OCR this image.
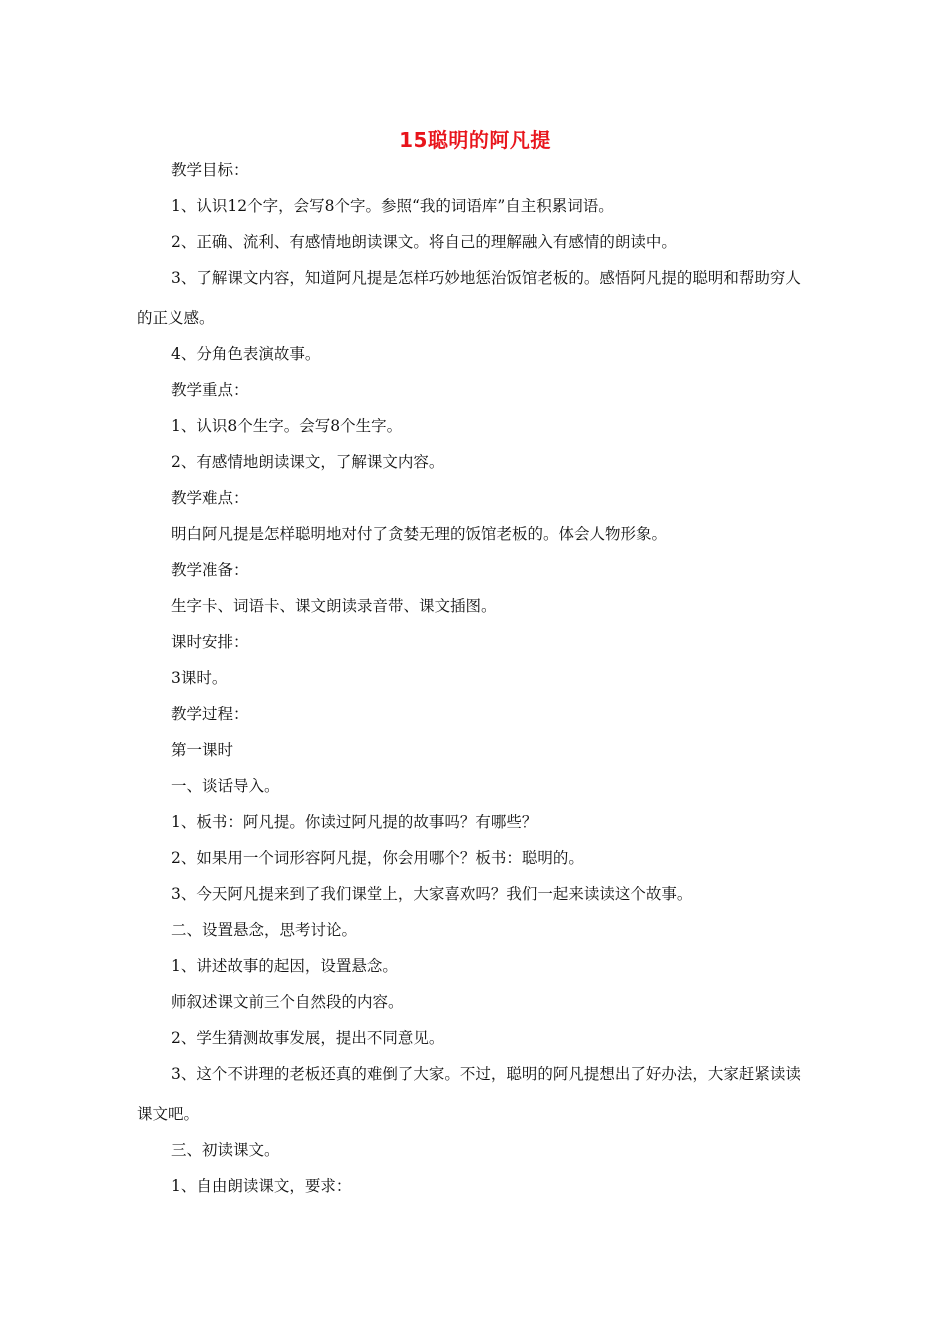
15聪明的阿凡提

教学目标：

1、认识12个字，会写8个字。参照“我的词语库”自主积累词语。

2、正确、流利、有感情地朗读课文。将自己的理解融入有感情的朗读中。

3、了解课文内容，知道阿凡提是怎样巧妙地惩治饭馆老板的。感悟阿凡提的聪明和帮助穷人的正义感。

4、分角色表演故事。

教学重点：

1、认识8个生字。会写8个生字。

2、有感情地朗读课文，了解课文内容。

教学难点：

明白阿凡提是怎样聪明地对付了贪婪无理的饭馆老板的。体会人物形象。

教学准备：

生字卡、词语卡、课文朗读录音带、课文插图。

课时安排：

3课时。

教学过程：

第一课时

一、谈话导入。

1、板书：阿凡提。你读过阿凡提的故事吗？有哪些？

2、如果用一个词形容阿凡提，你会用哪个？板书：聪明的。

3、今天阿凡提来到了我们课堂上，大家喜欢吗？我们一起来读读这个故事。

二、设置悬念，思考讨论。

1、讲述故事的起因，设置悬念。

师叙述课文前三个自然段的内容。

2、学生猜测故事发展，提出不同意见。

3、这个不讲理的老板还真的难倒了大家。不过，聪明的阿凡提想出了好办法，大家赶紧读读课文吧。

三、初读课文。

1、自由朗读课文，要求：
